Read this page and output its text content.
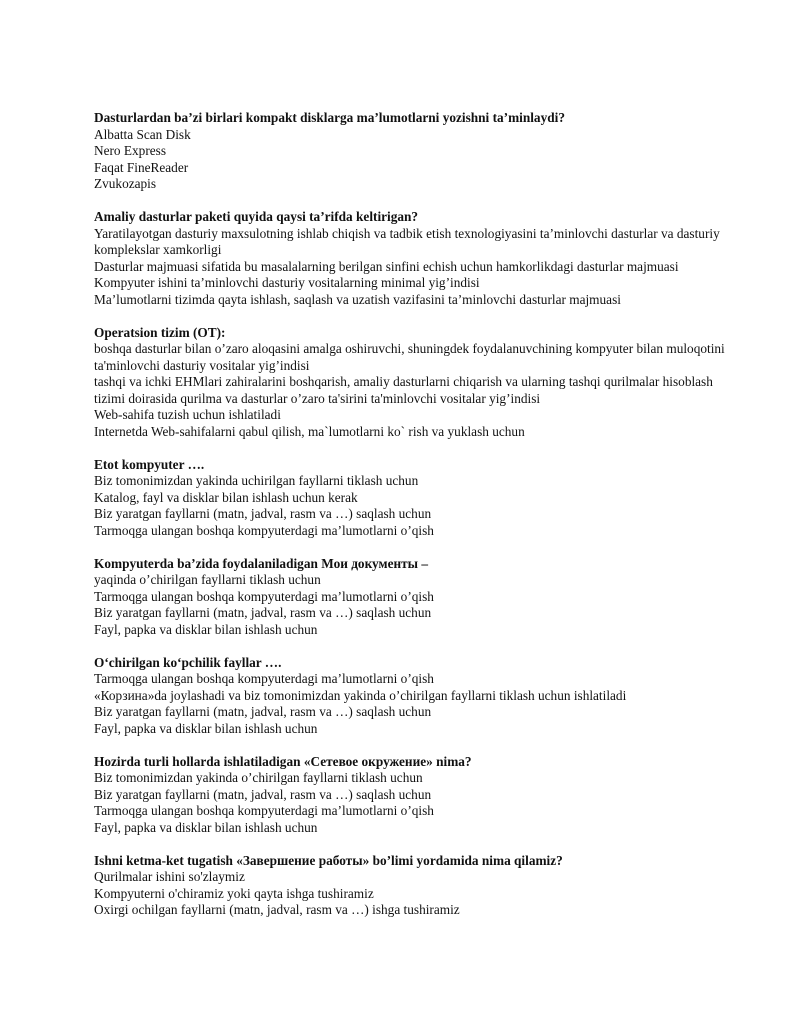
Dasturlardan ba’zi birlari kompakt disklarga ma’lumotlarni yozishni ta’minlaydi?

Albatta Scan Disk

Nero Express

Faqat FineReader

Zvukozapis

Amaliy dasturlar paketi quyida qaysi ta’rifda keltirigan?

Yaratilayotgan dasturiy maxsulotning ishlab chiqish va tadbik etish texnologiyasini ta’minlovchi dasturlar va dasturiy komplekslar xamkorligi

Dasturlar majmuasi sifatida bu masalalarning berilgan sinfini echish uchun hamkorlikdagi dasturlar majmuasi

Kompyuter ishini ta’minlovchi dasturiy vositalarning minimal yig’indisi

Ma’lumotlarni tizimda qayta ishlash, saqlash va uzatish vazifasini ta’minlovchi dasturlar majmuasi

Operatsion tizim (OT):

boshqa dasturlar bilan o’zaro aloqasini amalga oshiruvchi, shuningdek foydalanuvchining kompyuter bilan muloqotini ta'minlovchi dasturiy vositalar yig’indisi

tashqi va ichki EHMlari zahiralarini boshqarish, amaliy dasturlarni chiqarish va ularning tashqi qurilmalar hisoblash tizimi doirasida qurilma va dasturlar o’zaro ta'sirini ta'minlovchi vositalar yig’indisi

Web-sahifa tuzish uchun ishlatiladi

Internetda Web-sahifalarni qabul qilish, ma`lumotlarni ko` rish va yuklash uchun

Etot kompyuter ….

Biz tomonimizdan yakinda uchirilgan fayllarni tiklash uchun

Katalog, fayl va disklar bilan ishlash uchun kerak

Biz yaratgan fayllarni (matn, jadval, rasm va …) saqlash uchun

Tarmoqga ulangan boshqa kompyuterdagi ma’lumotlarni o’qish

Kompyuterda ba’zida foydalaniladigan Мои документы –

yaqinda o’chirilgan fayllarni tiklash uchun

Tarmoqga ulangan boshqa kompyuterdagi ma’lumotlarni o’qish

Biz yaratgan fayllarni (matn, jadval, rasm va …) saqlash uchun

Fayl, papka va disklar bilan ishlash uchun

O‘chirilgan ko‘pchilik fayllar ….

Tarmoqga ulangan boshqa kompyuterdagi ma’lumotlarni o’qish

«Корзина»da joylashadi va biz tomonimizdan yakinda o’chirilgan fayllarni tiklash uchun ishlatiladi

Biz yaratgan fayllarni (matn, jadval, rasm va …) saqlash uchun

Fayl, papka va disklar bilan ishlash uchun

Hozirda turli hollarda ishlatiladigan «Сетевое окружение» nima?

Biz tomonimizdan yakinda o’chirilgan fayllarni tiklash uchun

Biz yaratgan fayllarni (matn, jadval, rasm va …) saqlash uchun

Tarmoqga ulangan boshqa kompyuterdagi ma’lumotlarni o’qish

Fayl, papka va disklar bilan ishlash uchun

Ishni ketma-ket tugatish «Завершение работы» bo’limi yordamida nima qilamiz?

Qurilmalar ishini so'zlaymiz

Kompyuterni o'chiramiz yoki qayta ishga tushiramiz

Oxirgi ochilgan fayllarni (matn, jadval, rasm va …) ishga tushiramiz
